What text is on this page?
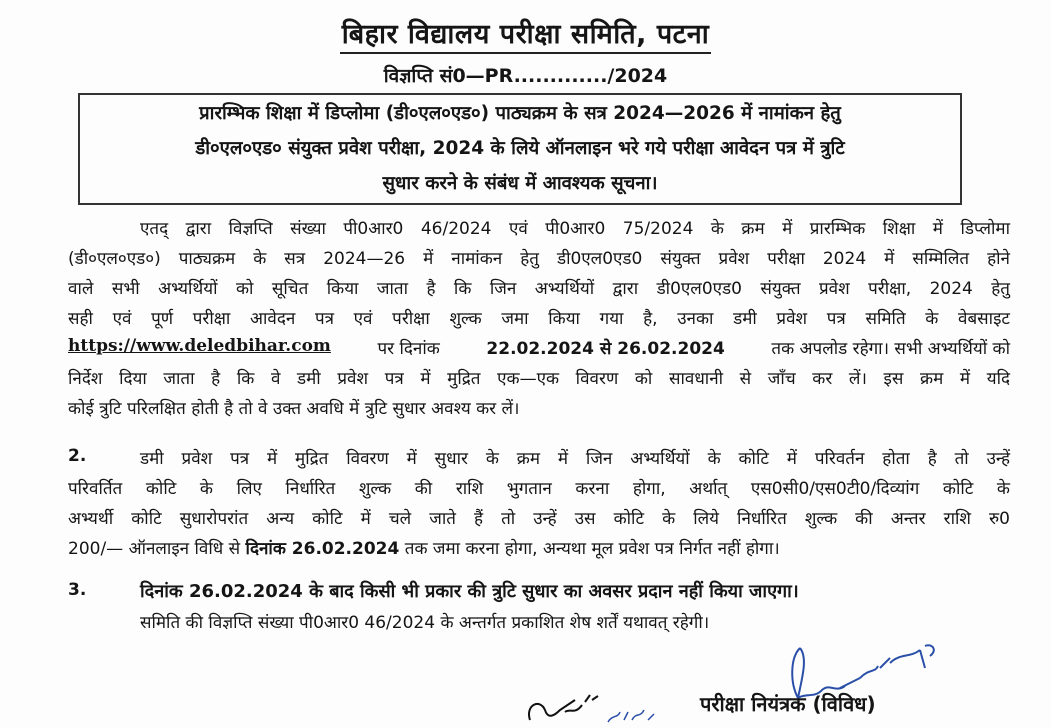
बिहार विद्यालय परीक्षा समिति, पटना
विज्ञप्ति सं0—PR............./2024
प्रारम्भिक शिक्षा में डिप्लोमा (डी०एल०एड०) पाठ्यक्रम के सत्र 2024—2026 में नामांकन हेतु
डी०एल०एड० संयुक्त प्रवेश परीक्षा, 2024 के लिये ऑनलाइन भरे गये परीक्षा आवेदन पत्र में त्रुटि
सुधार करने के संबंध में आवश्यक सूचना।
एतद् द्वारा विज्ञप्ति संख्या पी0आर0 46/2024 एवं पी0आर0 75/2024 के क्रम में प्रारम्भिक शिक्षा में डिप्लोमा
(डी०एल०एड०) पाठ्यक्रम के सत्र 2024—26 में नामांकन हेतु डी0एल0एड0 संयुक्त प्रवेश परीक्षा 2024 में सम्मिलित होने
वाले सभी अभ्यर्थियों को सूचित किया जाता है कि जिन अभ्यर्थियों द्वारा डी0एल0एड0 संयुक्त प्रवेश परीक्षा, 2024 हेतु
सही एवं पूर्ण परीक्षा आवेदन पत्र एवं परीक्षा शुल्क जमा किया गया है, उनका डमी प्रवेश पत्र समिति के वेबसाइट
https://www.deledbihar.com	पर दिनांक	22.02.2024 से 26.02.2024	तक अपलोड रहेगा। सभी अभ्यर्थियों को
निर्देश दिया जाता है कि वे डमी प्रवेश पत्र में मुद्रित एक—एक विवरण को सावधानी से जाँच कर लें। इस क्रम में यदि
कोई त्रुटि परिलक्षित होती है तो वे उक्त अवधि में त्रुटि सुधार अवश्य कर लें।
2.	डमी प्रवेश पत्र में मुद्रित विवरण में सुधार के क्रम में जिन अभ्यर्थियों के कोटि में परिवर्तन होता है तो उन्हें
परिवर्तित कोटि के लिए निर्धारित शुल्क की राशि भुगतान करना होगा, अर्थात् एस0सी0/एस0टी0/दिव्यांग कोटि के
अभ्यर्थी कोटि सुधारोपरांत अन्य कोटि में चले जाते हैं तो उन्हें उस कोटि के लिये निर्धारित शुल्क की अन्तर राशि रु0
200/— ऑनलाइन विधि से दिनांक 26.02.2024 तक जमा करना होगा, अन्यथा मूल प्रवेश पत्र निर्गत नहीं होगा।
3.	दिनांक 26.02.2024 के बाद किसी भी प्रकार की त्रुटि सुधार का अवसर प्रदान नहीं किया जाएगा।
समिति की विज्ञप्ति संख्या पी0आर0 46/2024 के अन्तर्गत प्रकाशित शेष शर्तें यथावत् रहेगी।
परीक्षा नियंत्रक (विविध)
